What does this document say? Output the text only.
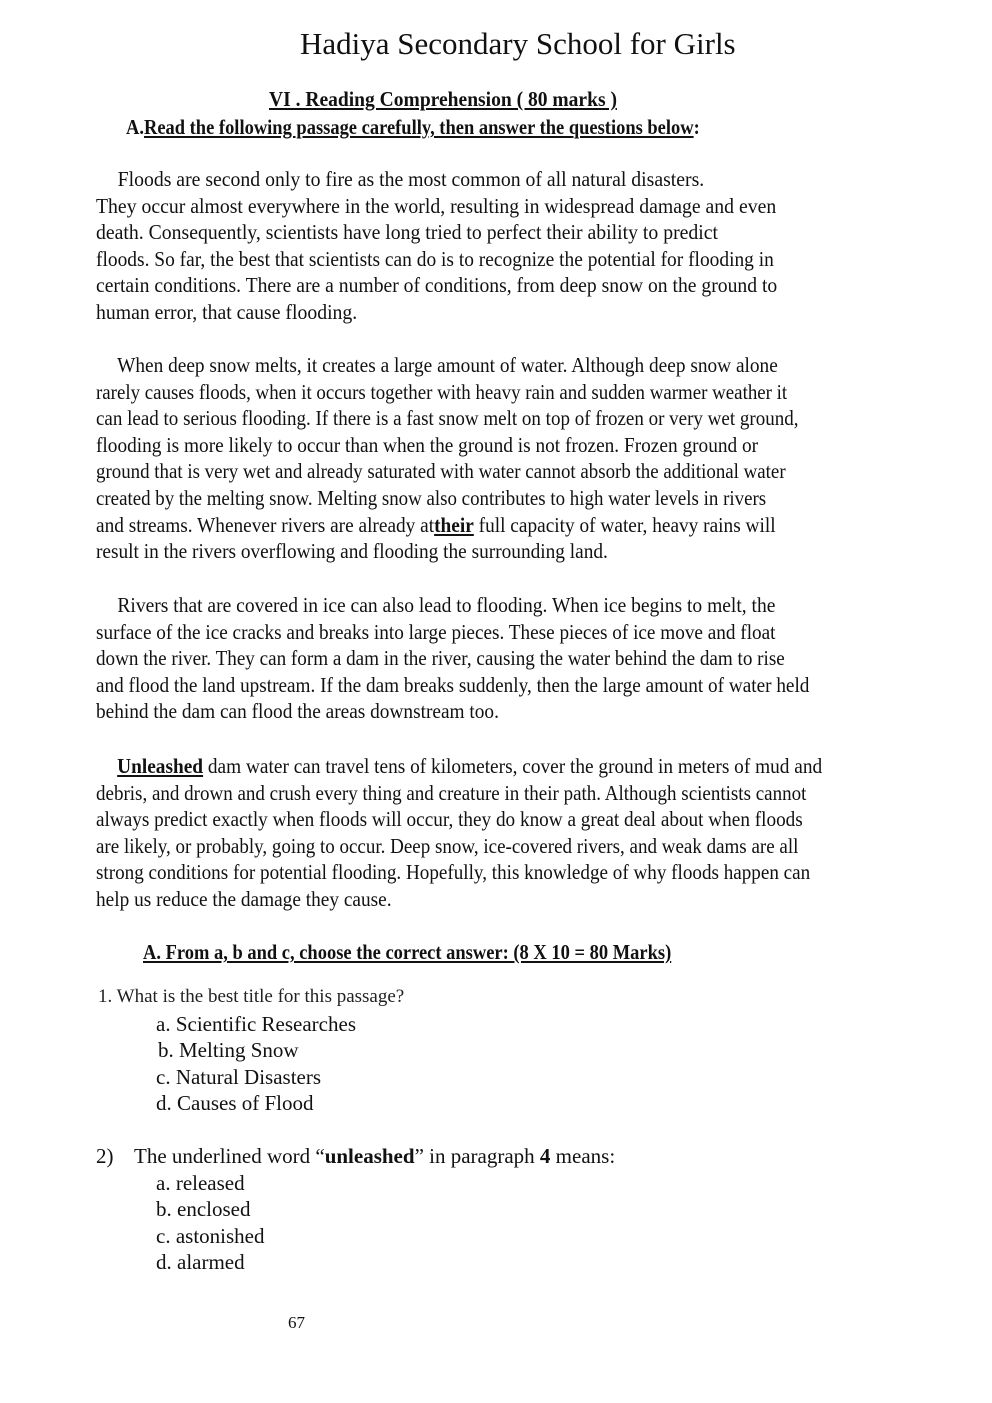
Hadiya Secondary School for Girls
VI . Reading Comprehension ( 80 marks )
A.Read the following passage carefully, then answer the questions below:
Floods are second only to fire as the most common of all natural disasters.
They occur almost everywhere in the world, resulting in widespread damage and even
death. Consequently, scientists have long tried to perfect their ability to predict
floods. So far, the best that scientists can do is to recognize the potential for flooding in
certain conditions. There are a number of conditions, from deep snow on the ground to
human error, that cause flooding.
When deep snow melts, it creates a large amount of water. Although deep snow alone
rarely causes floods, when it occurs together with heavy rain and sudden warmer weather it
can lead to serious flooding. If there is a fast snow melt on top of frozen or very wet ground,
flooding is more likely to occur than when the ground is not frozen. Frozen ground or
ground that is very wet and already saturated with water cannot absorb the additional water
created by the melting snow. Melting snow also contributes to high water levels in rivers
and streams. Whenever rivers are already attheir full capacity of water, heavy rains will
result in the rivers overflowing and flooding the surrounding land.
Rivers that are covered in ice can also lead to flooding. When ice begins to melt, the
surface of the ice cracks and breaks into large pieces. These pieces of ice move and float
down the river. They can form a dam in the river, causing the water behind the dam to rise
and flood the land upstream. If the dam breaks suddenly, then the large amount of water held
behind the dam can flood the areas downstream too.
Unleashed dam water can travel tens of kilometers, cover the ground in meters of mud and
debris, and drown and crush every thing and creature in their path. Although scientists cannot
always predict exactly when floods will occur, they do know a great deal about when floods
are likely, or probably, going to occur. Deep snow, ice-covered rivers, and weak dams are all
strong conditions for potential flooding. Hopefully, this knowledge of why floods happen can
help us reduce the damage they cause.
A. From a, b and c, choose the correct answer: (8 X 10 = 80 Marks)
1. What is the best title for this passage?
a. Scientific Researches
b. Melting Snow
c. Natural Disasters
d. Causes of Flood
2) The underlined word “unleashed” in paragraph 4 means:
a. released
b. enclosed
c. astonished
d. alarmed
67
